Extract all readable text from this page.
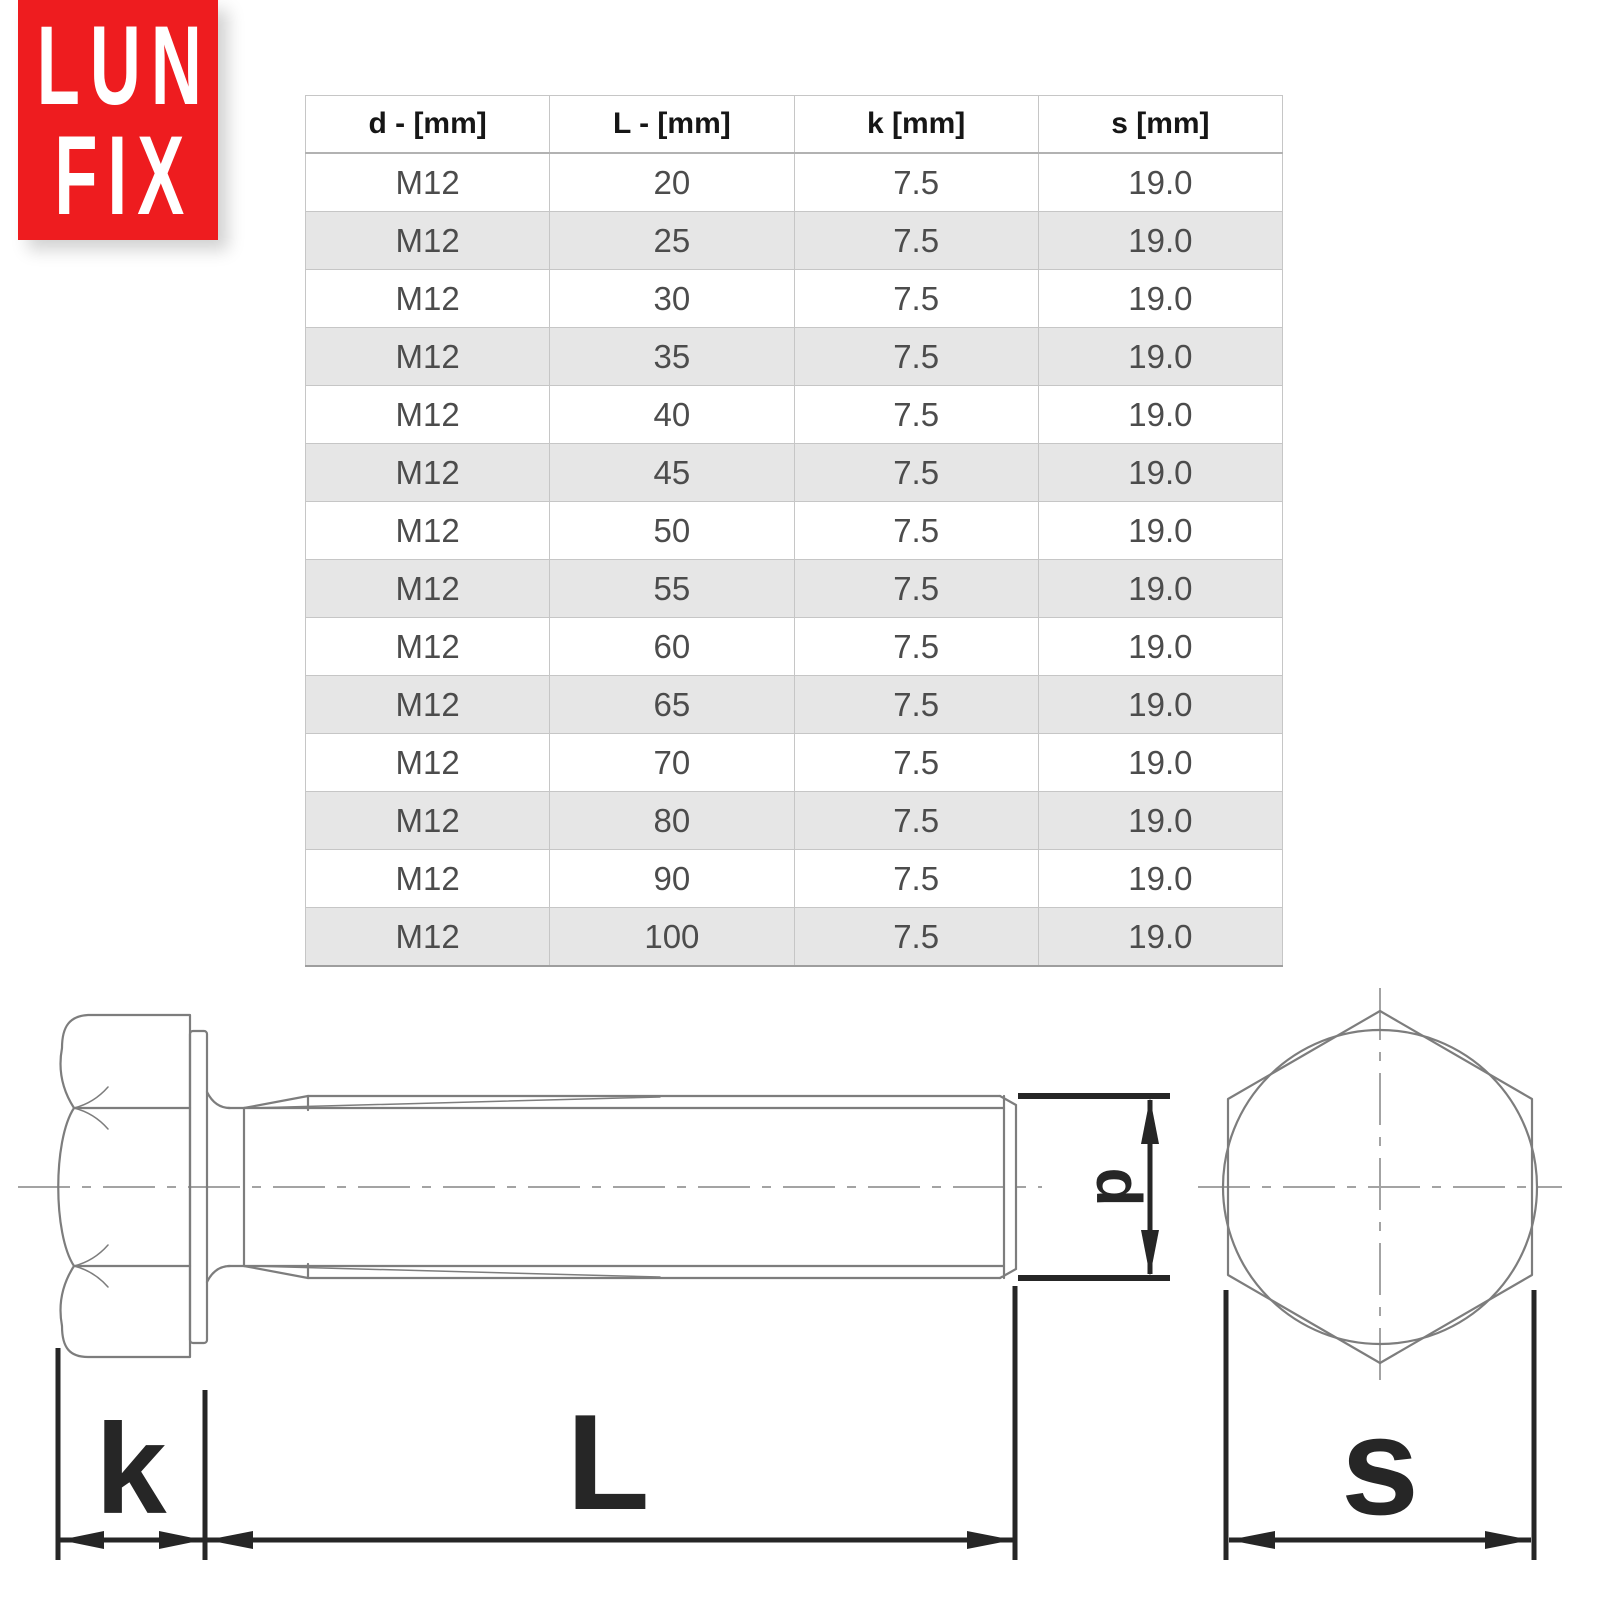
LUN
FIX	d - [mm]	L - [mm]	k [mm]	s [mm]
M12	20	7.5	19.0
M12	25	7.5	19.0
M12	30	7.5	19.0
M12	35	7.5	19.0
M12	40	7.5	19.0
M12	45	7.5	19.0
M12	50	7.5	19.0
M12	55	7.5	19.0
M12	60	7.5	19.0
M12	65	7.5	19.0
M12	70	7.5	19.0
M12	80	7.5	19.0
M12	90	7.5	19.0
M12	100	7.5	19.0
k	L	s
d
